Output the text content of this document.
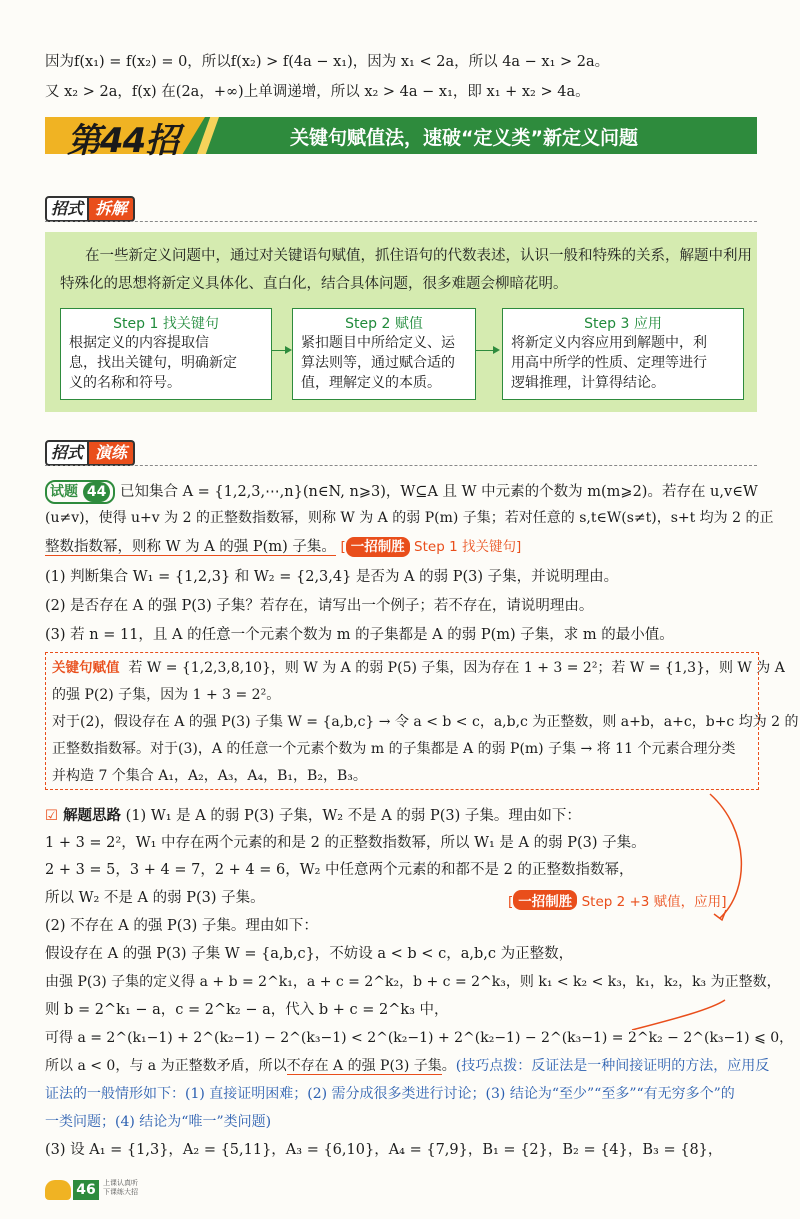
因为f(x₁) = f(x₂) = 0，所以f(x₂) > f(4a − x₁)，因为 x₁ < 2a，所以 4a − x₁ > 2a。
又 x₂ > 2a，f(x) 在(2a，+∞)上单调递增，所以 x₂ > 4a − x₁，即 x₁ + x₂ > 4a。
第44招	关键句赋值法，速破“定义类”新定义问题
招式 拆解
在一些新定义问题中，通过对关键语句赋值，抓住语句的代数表述，认识一般和特殊的关系，解题中利用
特殊化的思想将新定义具体化、直白化，结合具体问题，很多难题会柳暗花明。
Step 1 找关键句
根据定义的内容提取信
息，找出关键句，明确新定
义的名称和符号。
Step 2 赋值
紧扣题目中所给定义、运
算法则等，通过赋合适的
值，理解定义的本质。
Step 3 应用
将新定义内容应用到解题中，利
用高中所学的性质、定理等进行
逻辑推理，计算得结论。
招式 演练
试题 44 已知集合 A = {1,2,3,⋯,n}(n∈N, n⩾3)，W⊆A 且 W 中元素的个数为 m(m⩾2)。若存在 u,v∈W
(u≠v)，使得 u+v 为 2 的正整数指数幂，则称 W 为 A 的弱 P(m) 子集；若对任意的 s,t∈W(s≠t)，s+t 均为 2 的正
整数指数幂，则称 W 为 A 的强 P(m) 子集。 [ 一招制胜 Step 1 找关键句]
(1) 判断集合 W₁ = {1,2,3} 和 W₂ = {2,3,4} 是否为 A 的弱 P(3) 子集，并说明理由。
(2) 是否存在 A 的强 P(3) 子集？若存在，请写出一个例子；若不存在，请说明理由。
(3) 若 n = 11，且 A 的任意一个元素个数为 m 的子集都是 A 的弱 P(m) 子集，求 m 的最小值。
关键句赋值 若 W = {1,2,3,8,10}，则 W 为 A 的弱 P(5) 子集，因为存在 1 + 3 = 2²；若 W = {1,3}，则 W 为 A
的强 P(2) 子集，因为 1 + 3 = 2²。
对于(2)，假设存在 A 的强 P(3) 子集 W = {a,b,c} → 令 a < b < c，a,b,c 为正整数，则 a+b，a+c，b+c 均为 2 的
正整数指数幂。对于(3)，A 的任意一个元素个数为 m 的子集都是 A 的弱 P(m) 子集 → 将 11 个元素合理分类
并构造 7 个集合 A₁，A₂，A₃，A₄，B₁，B₂，B₃。
☑ 解题思路 (1) W₁ 是 A 的弱 P(3) 子集，W₂ 不是 A 的弱 P(3) 子集。理由如下：
1 + 3 = 2²，W₁ 中存在两个元素的和是 2 的正整数指数幂，所以 W₁ 是 A 的弱 P(3) 子集。
2 + 3 = 5，3 + 4 = 7，2 + 4 = 6，W₂ 中任意两个元素的和都不是 2 的正整数指数幂，
所以 W₂ 不是 A 的弱 P(3) 子集。	[ 一招制胜 Step 2 +3 赋值，应用]
(2) 不存在 A 的强 P(3) 子集。理由如下：
假设存在 A 的强 P(3) 子集 W = {a,b,c}，不妨设 a < b < c，a,b,c 为正整数，
由强 P(3) 子集的定义得 a + b = 2^k₁，a + c = 2^k₂，b + c = 2^k₃，则 k₁ < k₂ < k₃，k₁，k₂，k₃ 为正整数，
则 b = 2^k₁ − a，c = 2^k₂ − a，代入 b + c = 2^k₃ 中，
可得 a = 2^(k₁−1) + 2^(k₂−1) − 2^(k₃−1) < 2^(k₂−1) + 2^(k₂−1) − 2^(k₃−1) = 2^k₂ − 2^(k₃−1) ⩽ 0，
所以 a < 0，与 a 为正整数矛盾，所以不存在 A 的强 P(3) 子集。(技巧点拨：反证法是一种间接证明的方法，应用反
证法的一般情形如下：(1) 直接证明困难；(2) 需分成很多类进行讨论；(3) 结论为“至少”“至多”“有无穷多个”的
一类问题；(4) 结论为“唯一”类问题)
(3) 设 A₁ = {1,3}，A₂ = {5,11}，A₃ = {6,10}，A₄ = {7,9}，B₁ = {2}，B₂ = {4}，B₃ = {8}，
46	上课认真听
下课练大招
